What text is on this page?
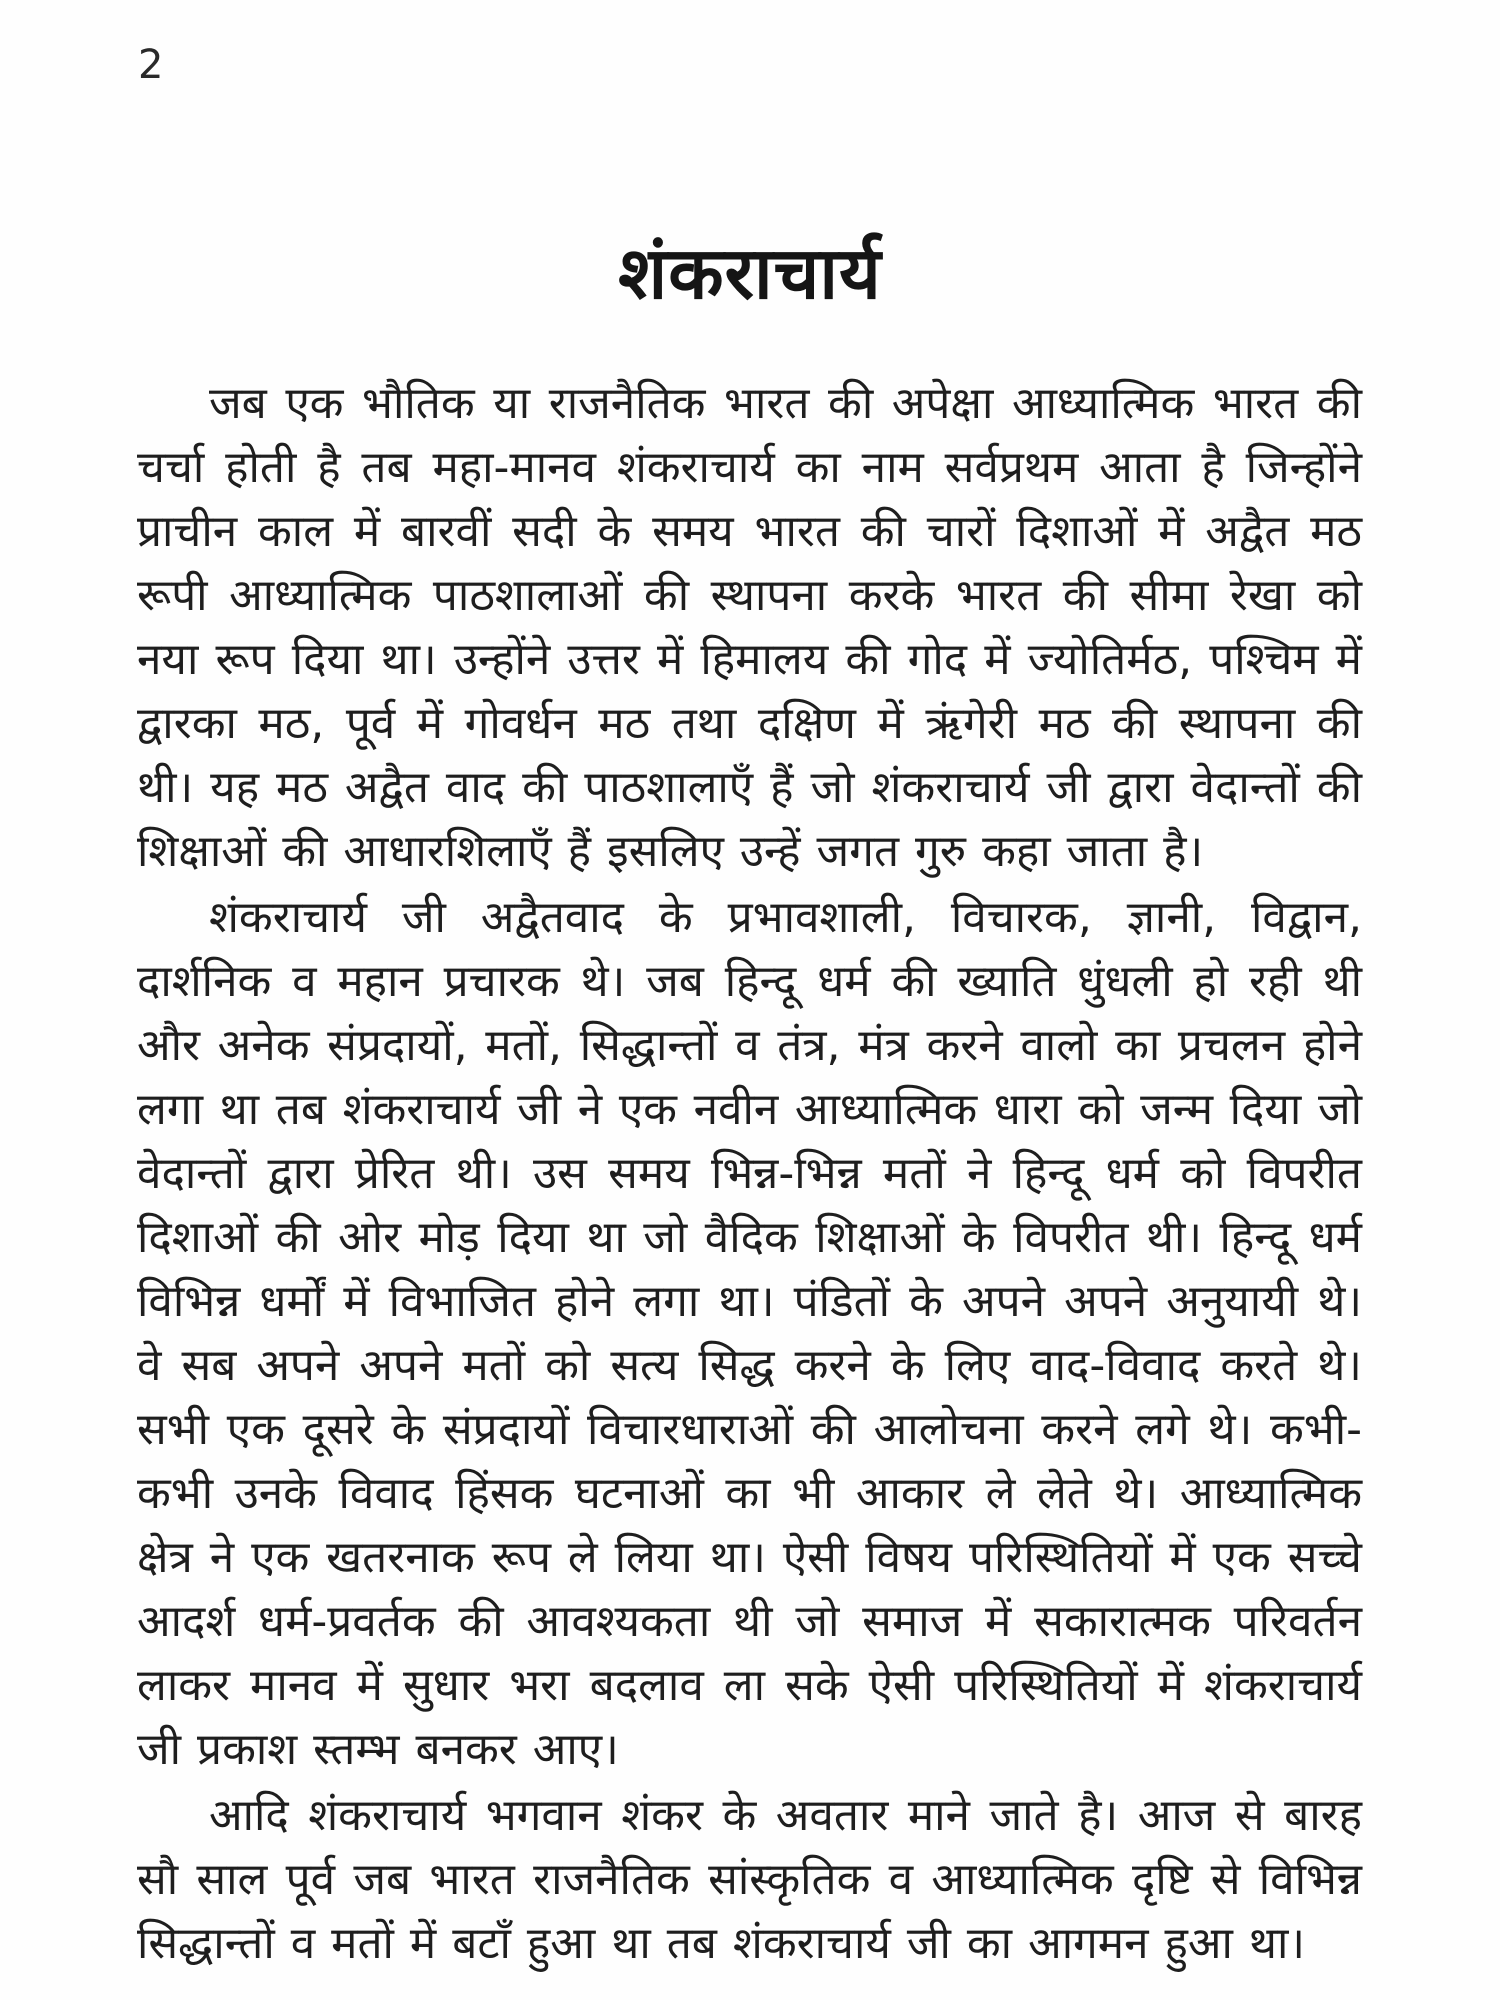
2
शंकराचार्य

जब एक भौतिक या राजनैतिक भारत की अपेक्षा आध्यात्मिक भारत की चर्चा होती है तब महा-मानव शंकराचार्य का नाम सर्वप्रथम आता है जिन्होंने प्राचीन काल में बारवीं सदी के समय भारत की चारों दिशाओं में अद्वैत मठ रूपी आध्यात्मिक पाठशालाओं की स्थापना करके भारत की सीमा रेखा को नया रूप दिया था। उन्होंने उत्तर में हिमालय की गोद में ज्योतिर्मठ, पश्चिम में द्वारका मठ, पूर्व में गोवर्धन मठ तथा दक्षिण में ऋंगेरी मठ की स्थापना की थी। यह मठ अद्वैत वाद की पाठशालाएँ हैं जो शंकराचार्य जी द्वारा वेदान्तों की शिक्षाओं की आधारशिलाएँ हैं इसलिए उन्हें जगत गुरु कहा जाता है।

शंकराचार्य जी अद्वैतवाद के प्रभावशाली, विचारक, ज्ञानी, विद्वान, दार्शनिक व महान प्रचारक थे। जब हिन्दू धर्म की ख्याति धुंधली हो रही थी और अनेक संप्रदायों, मतों, सिद्धान्तों व तंत्र, मंत्र करने वालो का प्रचलन होने लगा था तब शंकराचार्य जी ने एक नवीन आध्यात्मिक धारा को जन्म दिया जो वेदान्तों द्वारा प्रेरित थी। उस समय भिन्न-भिन्न मतों ने हिन्दू धर्म को विपरीत दिशाओं की ओर मोड़ दिया था जो वैदिक शिक्षाओं के विपरीत थी। हिन्दू धर्म विभिन्न धर्मों में विभाजित होने लगा था। पंडितों के अपने अपने अनुयायी थे। वे सब अपने अपने मतों को सत्य सिद्ध करने के लिए वाद-विवाद करते थे। सभी एक दूसरे के संप्रदायों विचारधाराओं की आलोचना करने लगे थे। कभी-कभी उनके विवाद हिंसक घटनाओं का भी आकार ले लेते थे। आध्यात्मिक क्षेत्र ने एक खतरनाक रूप ले लिया था। ऐसी विषय परिस्थितियों में एक सच्चे आदर्श धर्म-प्रवर्तक की आवश्यकता थी जो समाज में सकारात्मक परिवर्तन लाकर मानव में सुधार भरा बदलाव ला सके ऐसी परिस्थितियों में शंकराचार्य जी प्रकाश स्तम्भ बनकर आए।

आदि शंकराचार्य भगवान शंकर के अवतार माने जाते है। आज से बारह सौ साल पूर्व जब भारत राजनैतिक सांस्कृतिक व आध्यात्मिक दृष्टि से विभिन्न सिद्धान्तों व मतों में बटाँ हुआ था तब शंकराचार्य जी का आगमन हुआ था।
